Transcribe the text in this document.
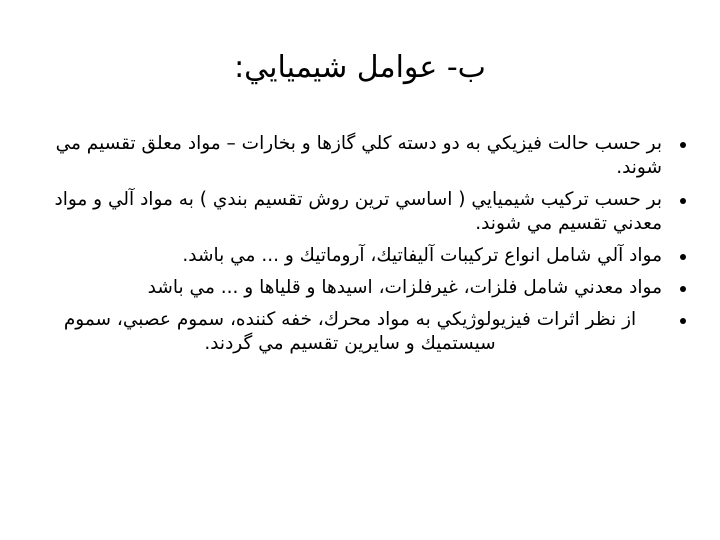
ب- عوامل شيميايي:
بر حسب حالت فيزيكي به دو دسته كلي گازها و بخارات – مواد معلق تقسيم مي شوند.
بر حسب تركيب شيميايي ( اساسي ترين روش تقسيم بندي ) به مواد آلي و مواد معدني تقسيم مي شوند.
مواد آلي شامل انواع تركيبات آليفاتيك، آروماتيك و ... مي باشد.
مواد معدني شامل فلزات، غيرفلزات، اسيدها و قلياها و ... مي باشد
از نظر اثرات فيزيولوژيكي به مواد محرك، خفه كننده، سموم عصبي، سموم سيستميك و سايرين تقسيم مي گردند.
